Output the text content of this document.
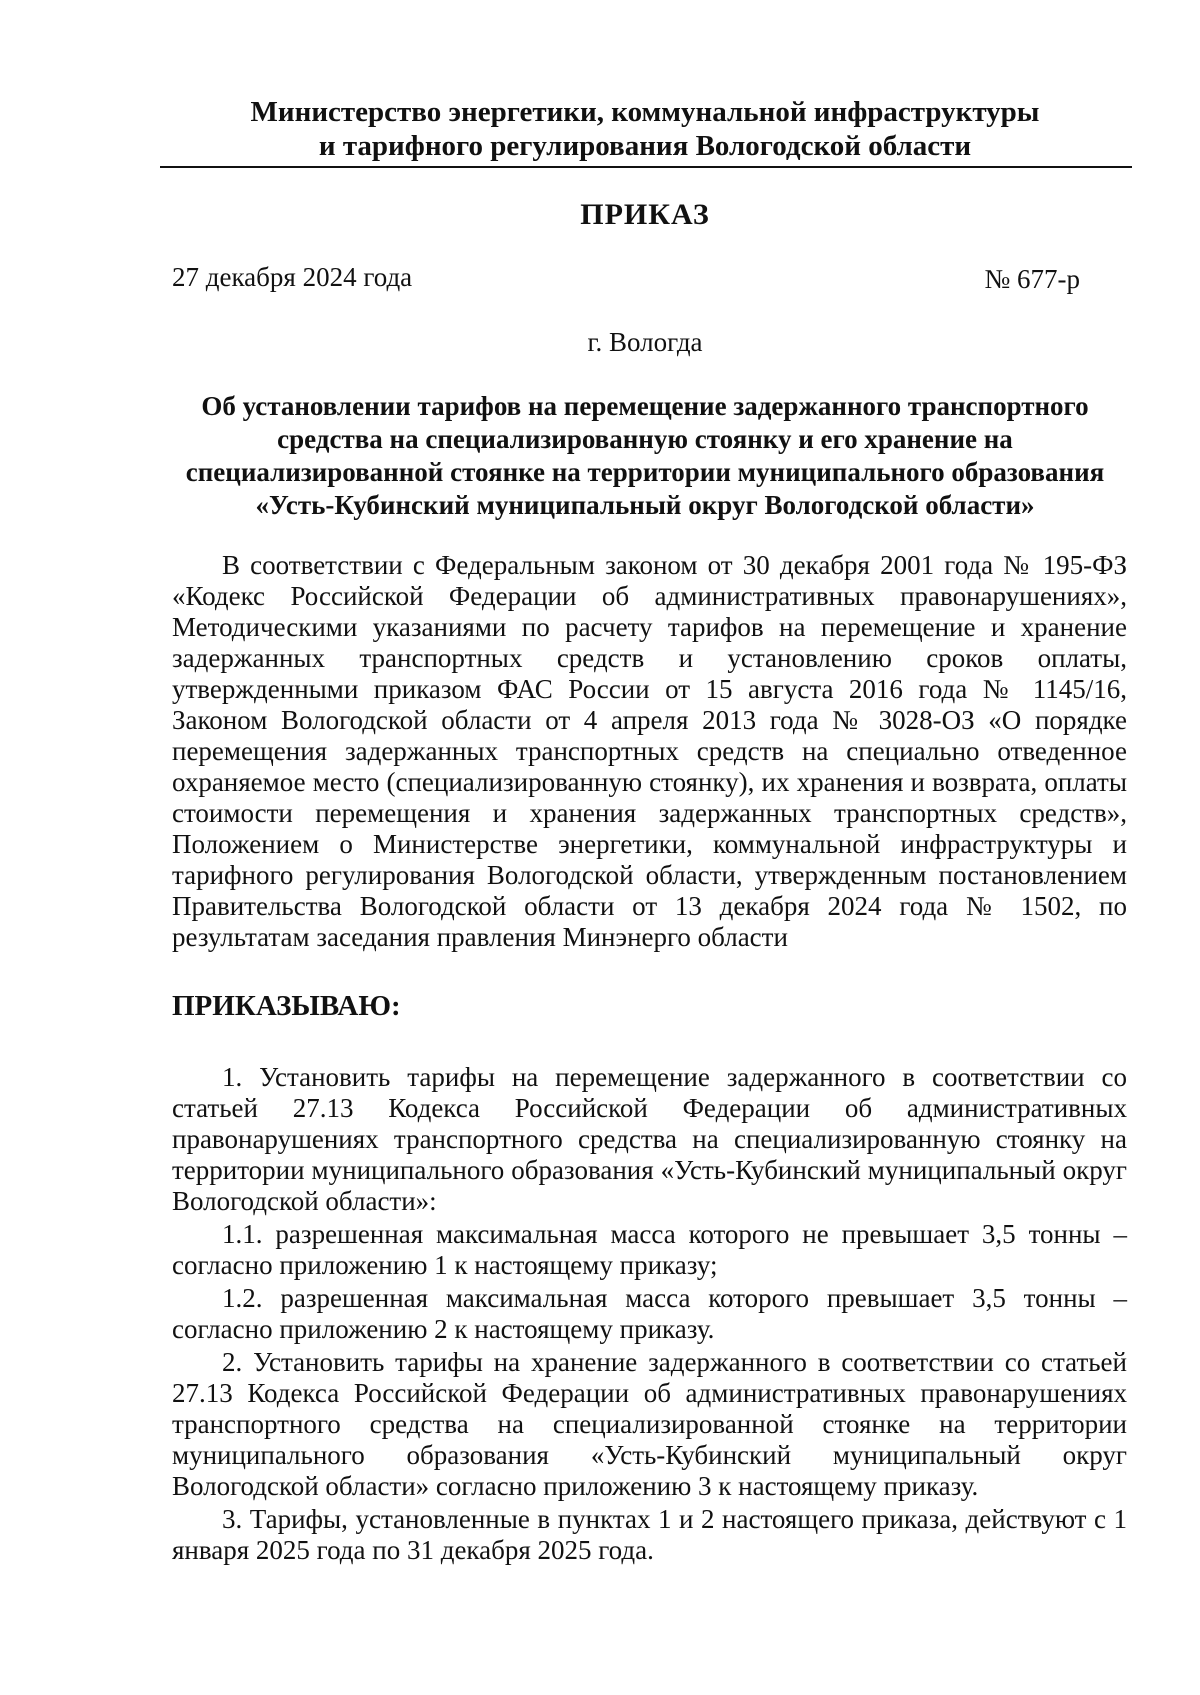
Министерство энергетики, коммунальной инфраструктуры
и тарифного регулирования Вологодской области
ПРИКАЗ
27 декабря 2024 года	№ 677-р
г. Вологда
Об установлении тарифов на перемещение задержанного транспортного
средства на специализированную стоянку и его хранение на
специализированной стоянке на территории муниципального образования
«Усть-Кубинский муниципальный округ Вологодской области»
В соответствии с Федеральным законом от 30 декабря 2001 года № 195-ФЗ «Кодекс Российской Федерации об административных правонарушениях», Методическими указаниями по расчету тарифов на перемещение и хранение задержанных транспортных средств и установлению сроков оплаты, утвержденными приказом ФАС России от 15 августа 2016 года № 1145/16, Законом Вологодской области от 4 апреля 2013 года № 3028-ОЗ «О порядке перемещения задержанных транспортных средств на специально отведенное охраняемое место (специализированную стоянку), их хранения и возврата, оплаты стоимости перемещения и хранения задержанных транспортных средств», Положением о Министерстве энергетики, коммунальной инфраструктуры и тарифного регулирования Вологодской области, утвержденным постановлением Правительства Вологодской области от 13 декабря 2024 года № 1502, по результатам заседания правления Минэнерго области
ПРИКАЗЫВАЮ:

1. Установить тарифы на перемещение задержанного в соответствии со статьей 27.13 Кодекса Российской Федерации об административных правонарушениях транспортного средства на специализированную стоянку на территории муниципального образования «Усть-Кубинский муниципальный округ Вологодской области»:

1.1. разрешенная максимальная масса которого не превышает 3,5 тонны – согласно приложению 1 к настоящему приказу;

1.2. разрешенная максимальная масса которого превышает 3,5 тонны – согласно приложению 2 к настоящему приказу.

2. Установить тарифы на хранение задержанного в соответствии со статьей 27.13 Кодекса Российской Федерации об административных правонарушениях транспортного средства на специализированной стоянке на территории муниципального образования «Усть-Кубинский муниципальный округ Вологодской области» согласно приложению 3 к настоящему приказу.

3. Тарифы, установленные в пунктах 1 и 2 настоящего приказа, действуют с 1 января 2025 года по 31 декабря 2025 года.
